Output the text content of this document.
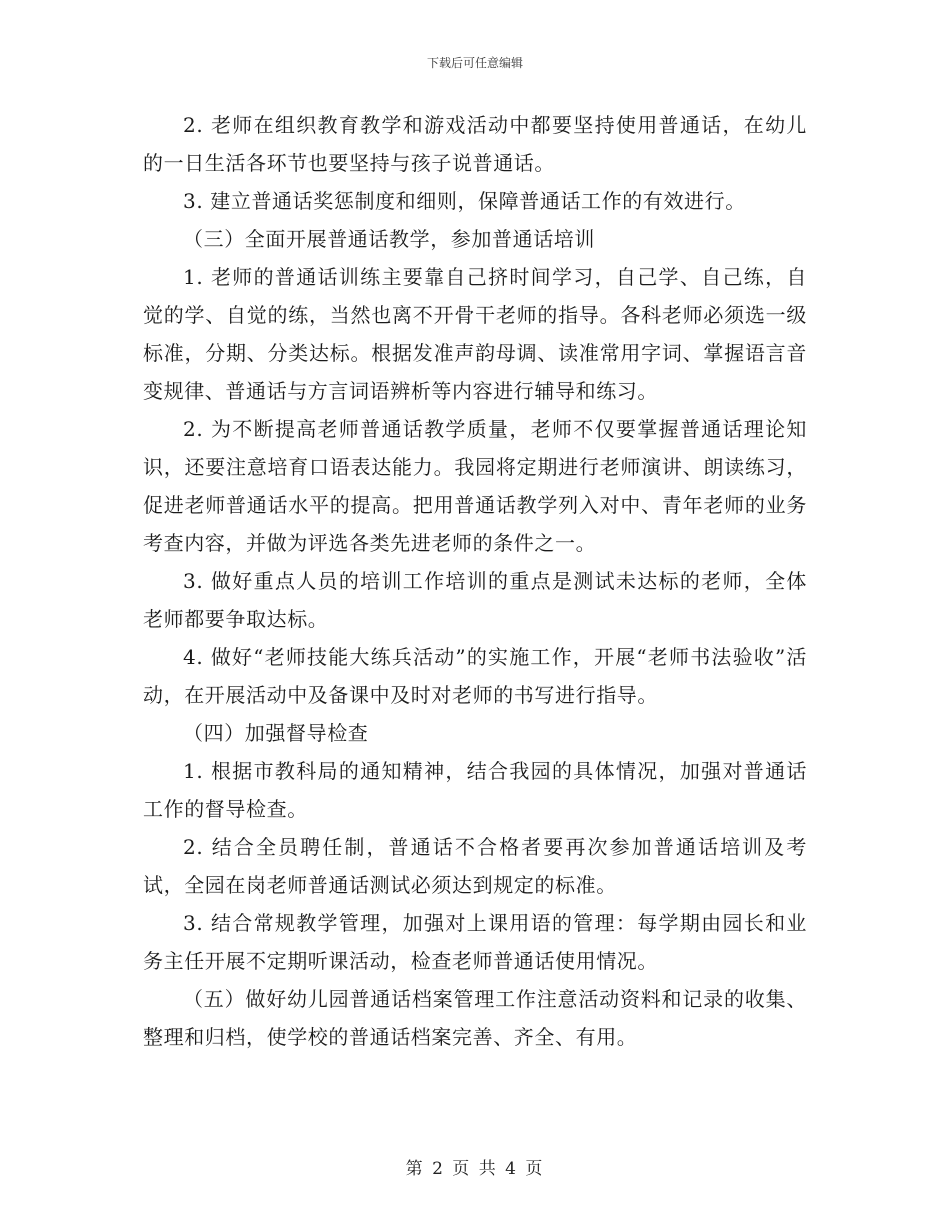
下载后可任意编辑

2. 老师在组织教育教学和游戏活动中都要坚持使用普通话，在幼儿的一日生活各环节也要坚持与孩子说普通话。

3. 建立普通话奖惩制度和细则，保障普通话工作的有效进行。

（三）全面开展普通话教学，参加普通话培训

1. 老师的普通话训练主要靠自己挤时间学习，自己学、自己练，自觉的学、自觉的练，当然也离不开骨干老师的指导。各科老师必须选一级标准，分期、分类达标。根据发准声韵母调、读准常用字词、掌握语言音变规律、普通话与方言词语辨析等内容进行辅导和练习。

2. 为不断提高老师普通话教学质量，老师不仅要掌握普通话理论知 识，还要注意培育口语表达能力。我园将定期进行老师演讲、朗读练习，促进老师普通话水平的提高。把用普通话教学列入对中、青年老师的业务考查内容，并做为评选各类先进老师的条件之一。

3. 做好重点人员的培训工作培训的重点是测试未达标的老师，全体老师都要争取达标。

4. 做好“老师技能大练兵活动”的实施工作，开展“老师书法验收”活动，在开展活动中及备课中及时对老师的书写进行指导。

（四）加强督导检查

1. 根据市教科局的通知精神，结合我园的具体情况，加强对普通话工作的督导检查。

2. 结合全员聘任制，普通话不合格者要再次参加普通话培训及考试，全园在岗老师普通话测试必须达到规定的标准。

3. 结合常规教学管理，加强对上课用语的管理：每学期由园长和业务主任开展不定期听课活动，检查老师普通话使用情况。

（五）做好幼儿园普通话档案管理工作注意活动资料和记录的收集、整理和归档，使学校的普通话档案完善、齐全、有用。

第 2 页 共 4 页
